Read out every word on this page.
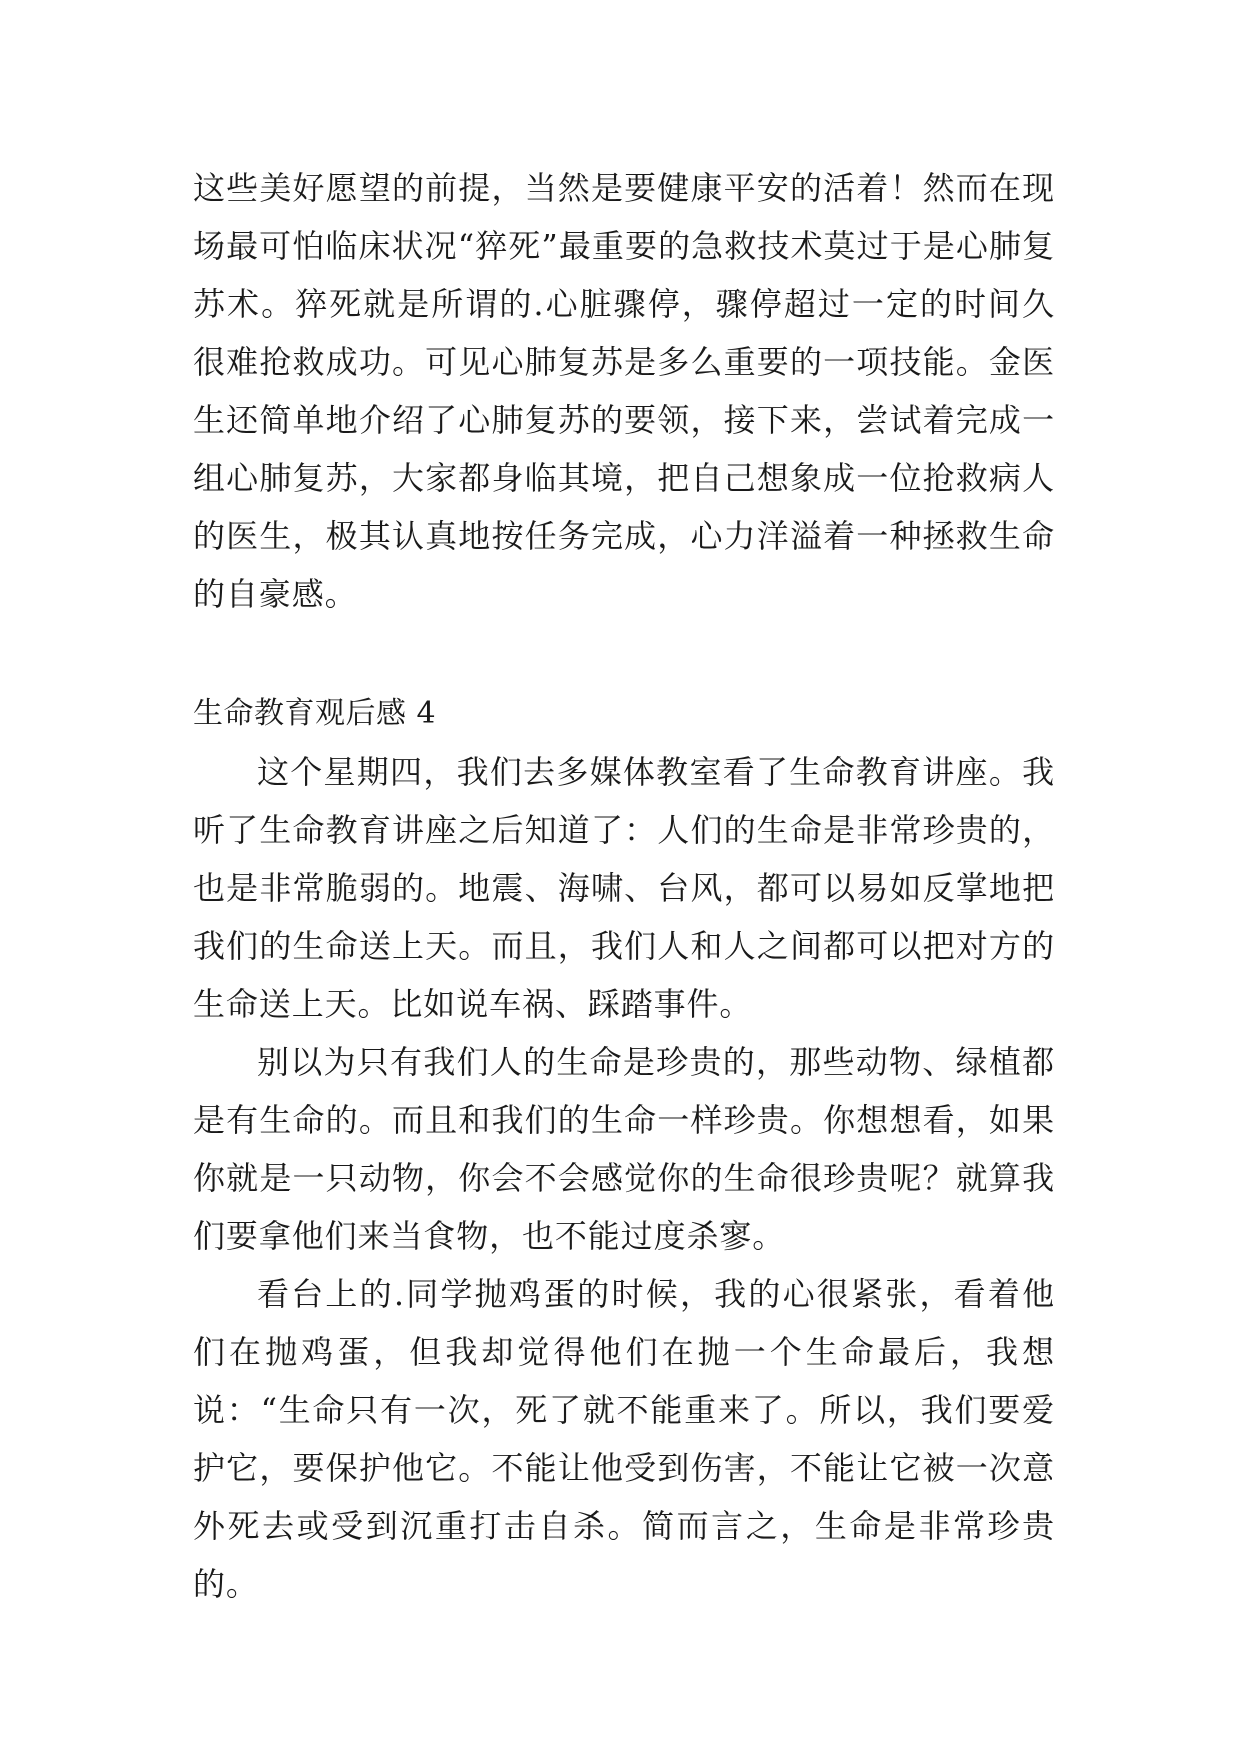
这些美好愿望的前提，当然是要健康平安的活着！然而在现场最可怕临床状况“猝死”最重要的急救技术莫过于是心肺复苏术。猝死就是所谓的.心脏骤停，骤停超过一定的时间久很难抢救成功。可见心肺复苏是多么重要的一项技能。金医生还简单地介绍了心肺复苏的要领，接下来，尝试着完成一组心肺复苏，大家都身临其境，把自己想象成一位抢救病人的医生，极其认真地按任务完成，心力洋溢着一种拯救生命的自豪感。

生命教育观后感 4

这个星期四，我们去多媒体教室看了生命教育讲座。我听了生命教育讲座之后知道了：人们的生命是非常珍贵的，也是非常脆弱的。地震、海啸、台风，都可以易如反掌地把我们的生命送上天。而且，我们人和人之间都可以把对方的生命送上天。比如说车祸、踩踏事件。

别以为只有我们人的生命是珍贵的，那些动物、绿植都是有生命的。而且和我们的生命一样珍贵。你想想看，如果你就是一只动物，你会不会感觉你的生命很珍贵呢？就算我们要拿他们来当食物，也不能过度杀寥。

看台上的.同学抛鸡蛋的时候，我的心很紧张，看着他们在抛鸡蛋，但我却觉得他们在抛一个生命最后，我想说：“生命只有一次，死了就不能重来了。所以，我们要爱护它，要保护他它。不能让他受到伤害，不能让它被一次意外死去或受到沉重打击自杀。简而言之，生命是非常珍贵的。
